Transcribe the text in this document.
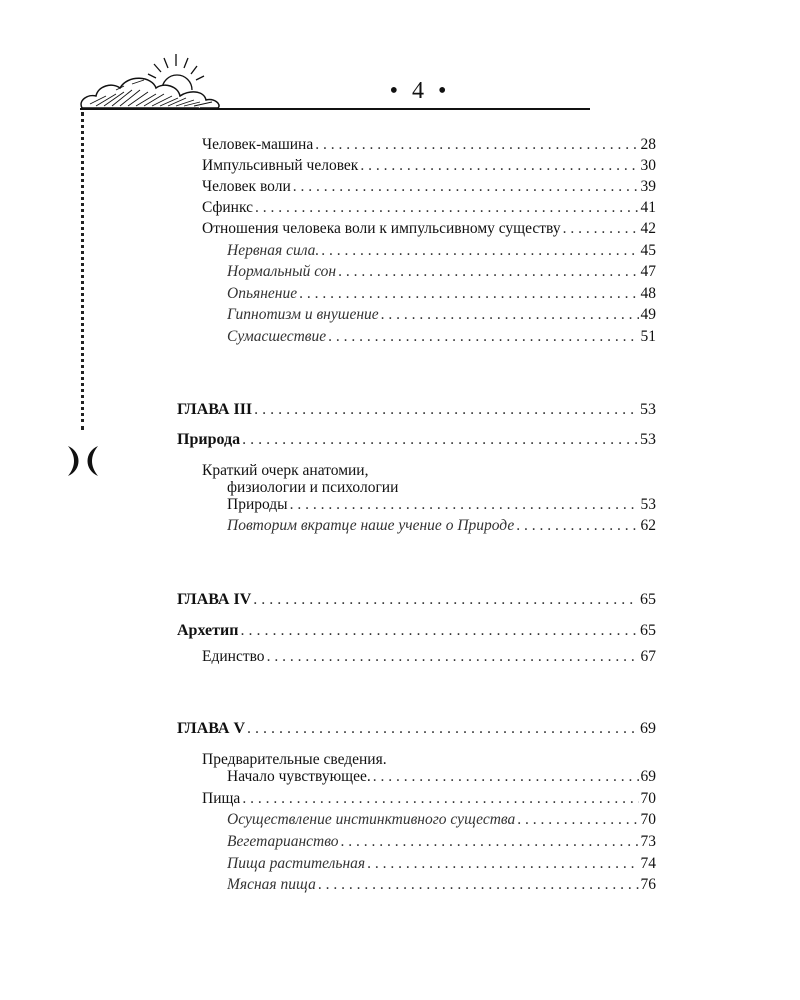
• 4 •
Человек-машина . . .	28
Импульсивный человек . . .	30
Человек воли . . .	39
Сфинкс . . .	41
Отношения человека воли к импульсивному существу . . .	42
Нервная сила. . . .	45
Нормальный сон . . .	47
Опьянение . . .	48
Гипнотизм и внушение . . .	49
Сумасшествие . . .	51
ГЛАВА III . . .	53
Природа . . .	53
Краткий очерк анатомии,
физиологии и психологии
Природы . . .	53
Повторим вкратце наше учение о Природе . . .	62
ГЛАВА IV . . .	65
Архетип . . .	65
Единство . . .	67
ГЛАВА V . . .	69
Предварительные сведения.
Начало чувствующее. . . .	69
Пища . . .	70
Осуществление инстинктивного существа . . .	70
Вегетарианство . . .	73
Пища растительная . . .	74
Мясная пища . . .	76
